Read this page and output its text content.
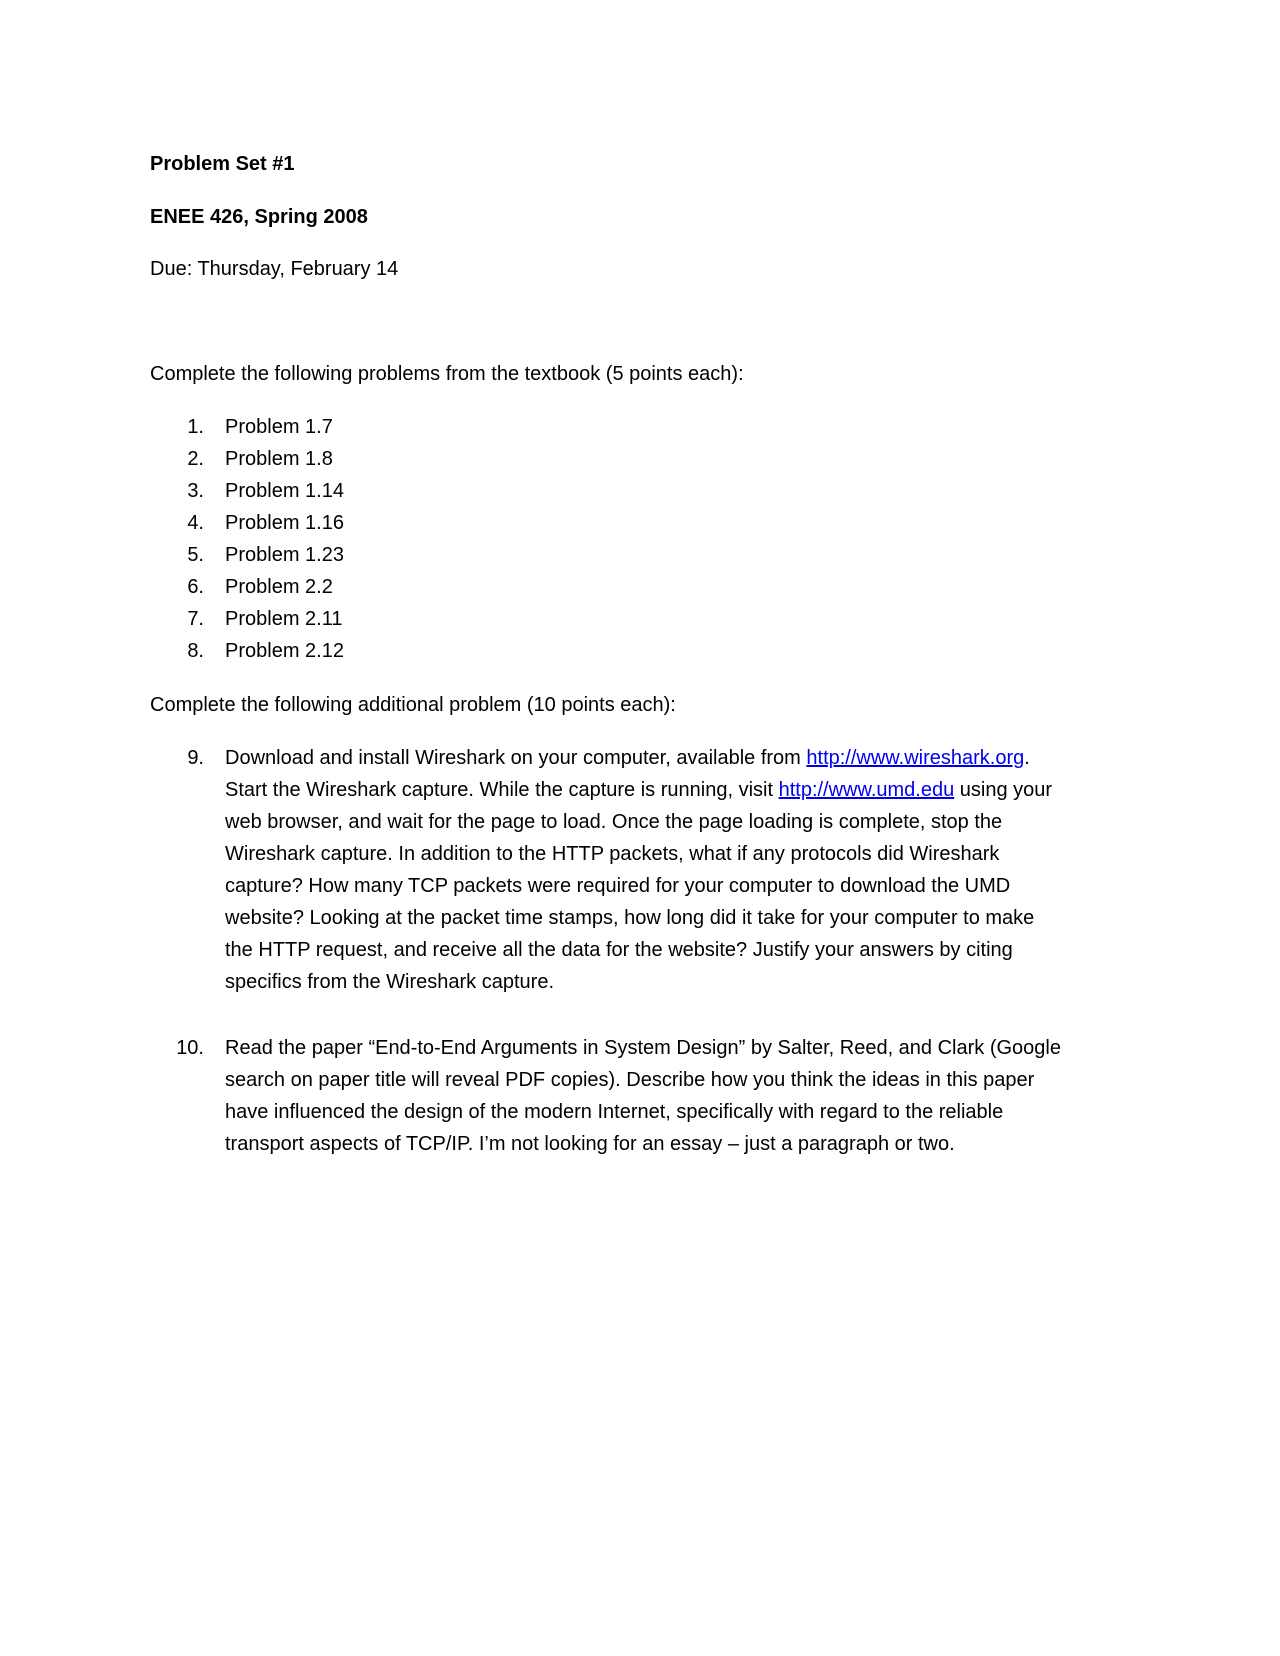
Problem Set #1
ENEE 426, Spring 2008
Due: Thursday, February 14
Complete the following problems from the textbook (5 points each):
1. Problem 1.7
2. Problem 1.8
3. Problem 1.14
4. Problem 1.16
5. Problem 1.23
6. Problem 2.2
7. Problem 2.11
8. Problem 2.12
Complete the following additional problem (10 points each):
9. Download and install Wireshark on your computer, available from http://www.wireshark.org.
Start the Wireshark capture. While the capture is running, visit http://www.umd.edu using your
web browser, and wait for the page to load. Once the page loading is complete, stop the
Wireshark capture. In addition to the HTTP packets, what if any protocols did Wireshark
capture? How many TCP packets were required for your computer to download the UMD
website? Looking at the packet time stamps, how long did it take for your computer to make
the HTTP request, and receive all the data for the website? Justify your answers by citing
specifics from the Wireshark capture.
10. Read the paper “End-to-End Arguments in System Design” by Salter, Reed, and Clark (Google
search on paper title will reveal PDF copies). Describe how you think the ideas in this paper
have influenced the design of the modern Internet, specifically with regard to the reliable
transport aspects of TCP/IP. I’m not looking for an essay – just a paragraph or two.
